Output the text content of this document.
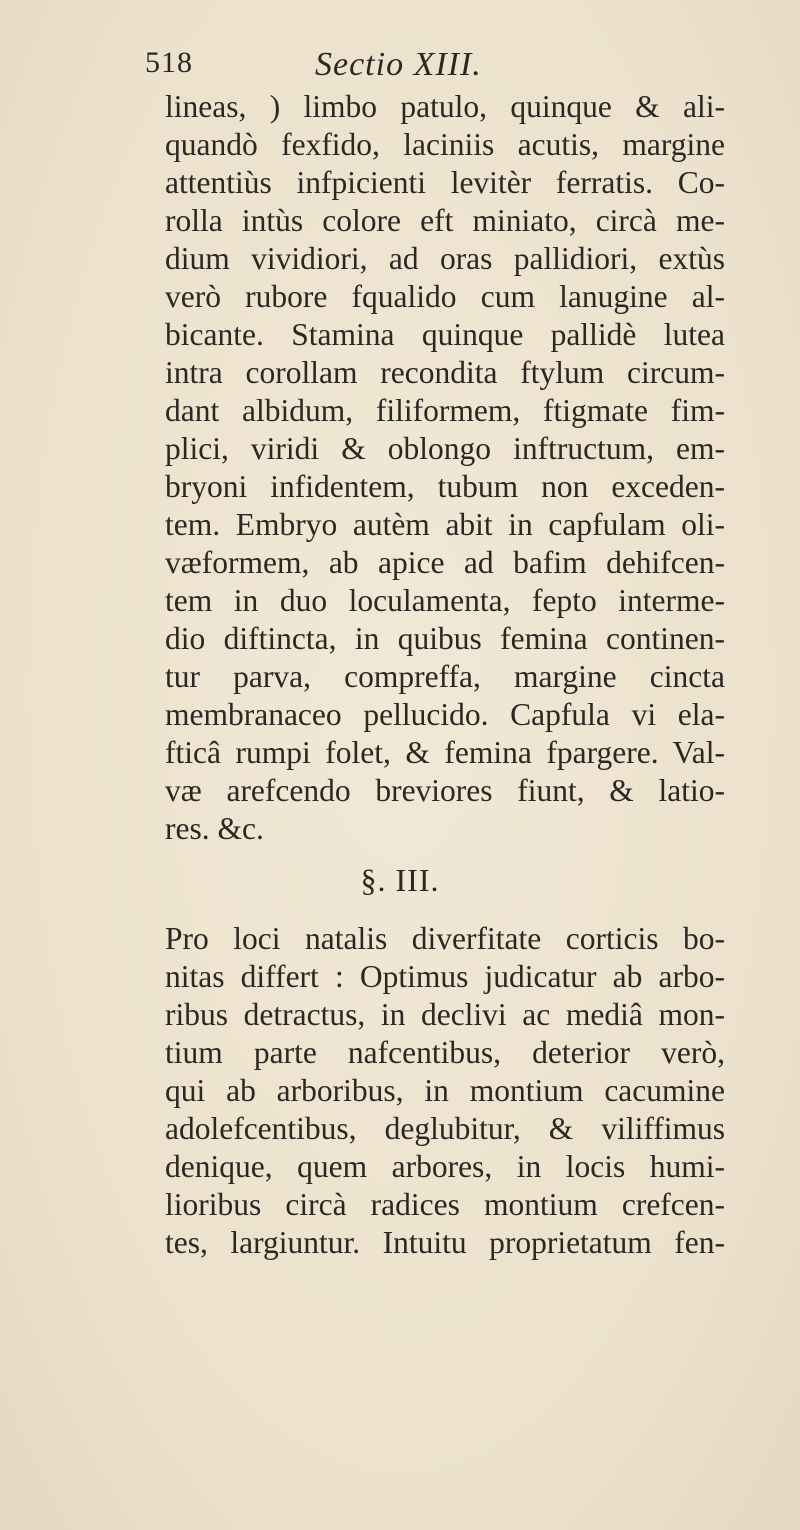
518	Sectio XIII.
lineas, ) limbo patulo, quinque & ali-
quandò fexfido, laciniis acutis, margine
attentiùs infpicienti levitèr ferratis. Co-
rolla intùs colore eft miniato, circà me-
dium vividiori, ad oras pallidiori, extùs
verò rubore fqualido cum lanugine al-
bicante. Stamina quinque pallidè lutea
intra corollam recondita ftylum circum-
dant albidum, filiformem, ftigmate fim-
plici, viridi & oblongo inftructum, em-
bryoni infidentem, tubum non exceden-
tem. Embryo autèm abit in capfulam oli-
væformem, ab apice ad bafim dehifcen-
tem in duo loculamenta, fepto interme-
dio diftincta, in quibus femina continen-
tur parva, compreffa, margine cincta
membranaceo pellucido. Capfula vi ela-
fticâ rumpi folet, & femina fpargere. Val-
væ arefcendo breviores fiunt, & latio-
res. &c.
§. III.
Pro loci natalis diverfitate corticis bo-
nitas differt : Optimus judicatur ab arbo-
ribus detractus, in declivi ac mediâ mon-
tium parte nafcentibus, deterior verò,
qui ab arboribus, in montium cacumine
adolefcentibus, deglubitur, & viliffimus
denique, quem arbores, in locis humi-
lioribus circà radices montium crefcen-
tes, largiuntur. Intuitu proprietatum fen-
